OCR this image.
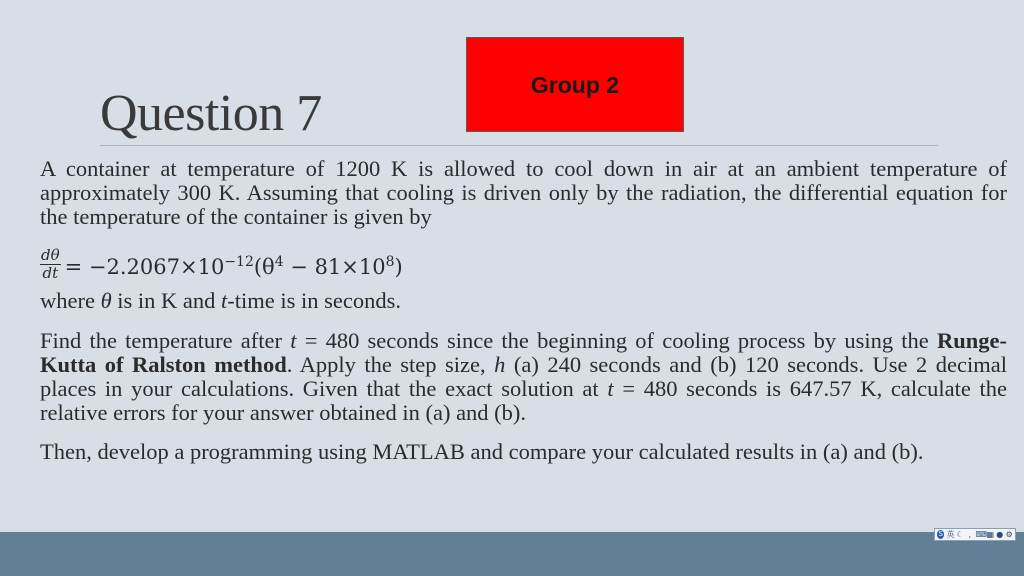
Question 7	Group 2

A container at temperature of 1200 K is allowed to cool down in air at an ambient temperature of approximately 300 K. Assuming that cooling is driven only by the radiation, the differential equation for the temperature of the container is given by

$\frac{d\theta}{dt} = -2.2067\times 10^{-12}(\theta^4 - 81\times 10^8)$

where θ is in K and t-time is in seconds.

Find the temperature after t = 480 seconds since the beginning of cooling process by using the Runge-Kutta of Ralston method. Apply the step size, h (a) 240 seconds and (b) 120 seconds. Use 2 decimal places in your calculations. Given that the exact solution at t = 480 seconds is 647.57 K, calculate the relative errors for your answer obtained in (a) and (b).

Then, develop a programming using MATLAB and compare your calculated results in (a) and (b).

S 英 ☾ , ⌨ ▦ ● ⚙
